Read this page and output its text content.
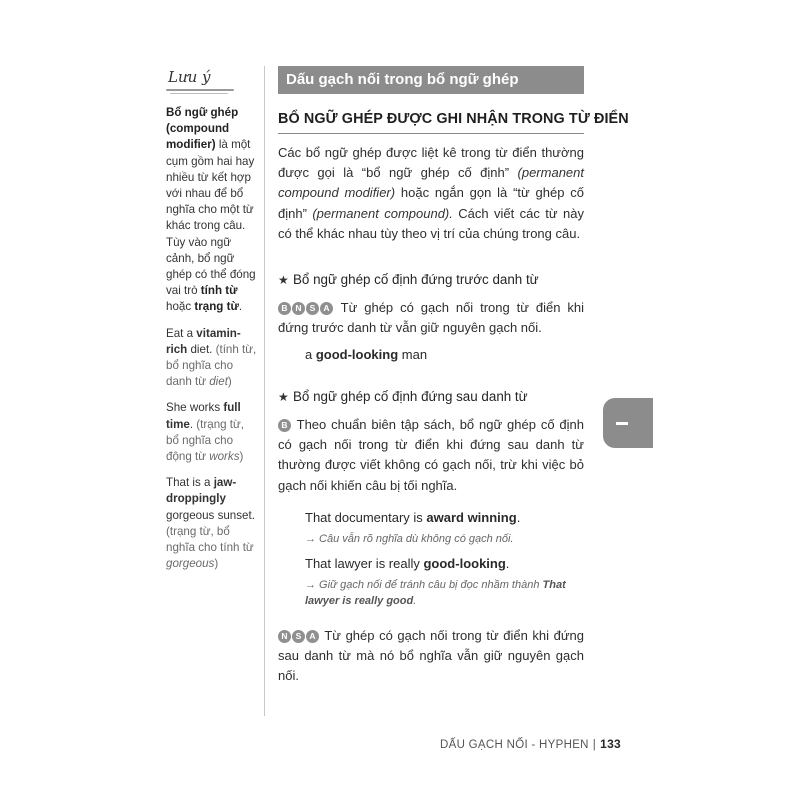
Lưu ý
Bổ ngữ ghép (compound modifier) là một cụm gồm hai hay nhiều từ kết hợp với nhau để bổ nghĩa cho một từ khác trong câu. Tùy vào ngữ cảnh, bổ ngữ ghép có thể đóng vai trò tính từ hoặc trạng từ.
Eat a vitamin-rich diet. (tính từ, bổ nghĩa cho danh từ diet)
She works full time. (trạng từ, bổ nghĩa cho động từ works)
That is a jaw-droppingly gorgeous sunset. (trạng từ, bổ nghĩa cho tính từ gorgeous)
Dấu gạch nối trong bổ ngữ ghép
BỔ NGỮ GHÉP ĐƯỢC GHI NHẬN TRONG TỪ ĐIỂN
Các bổ ngữ ghép được liệt kê trong từ điển thường được gọi là “bổ ngữ ghép cố định” (permanent compound modifier) hoặc ngắn gọn là “từ ghép cố định” (permanent compound). Cách viết các từ này có thể khác nhau tùy theo vị trí của chúng trong câu.
★ Bổ ngữ ghép cố định đứng trước danh từ
B N S A Từ ghép có gạch nối trong từ điển khi đứng trước danh từ vẫn giữ nguyên gạch nối.
a good-looking man
★ Bổ ngữ ghép cố định đứng sau danh từ
B Theo chuẩn biên tập sách, bổ ngữ ghép cố định có gạch nối trong từ điển khi đứng sau danh từ thường được viết không có gạch nối, trừ khi việc bỏ gạch nối khiến câu bị tối nghĩa.
That documentary is award winning.
→ Câu vẫn rõ nghĩa dù không có gạch nối.
That lawyer is really good-looking.
→ Giữ gạch nối để tránh câu bị đọc nhầm thành That lawyer is really good.
N S A Từ ghép có gạch nối trong từ điển khi đứng sau danh từ mà nó bổ nghĩa vẫn giữ nguyên gạch nối.
DẤU GẠCH NỐI - HYPHEN | 133
